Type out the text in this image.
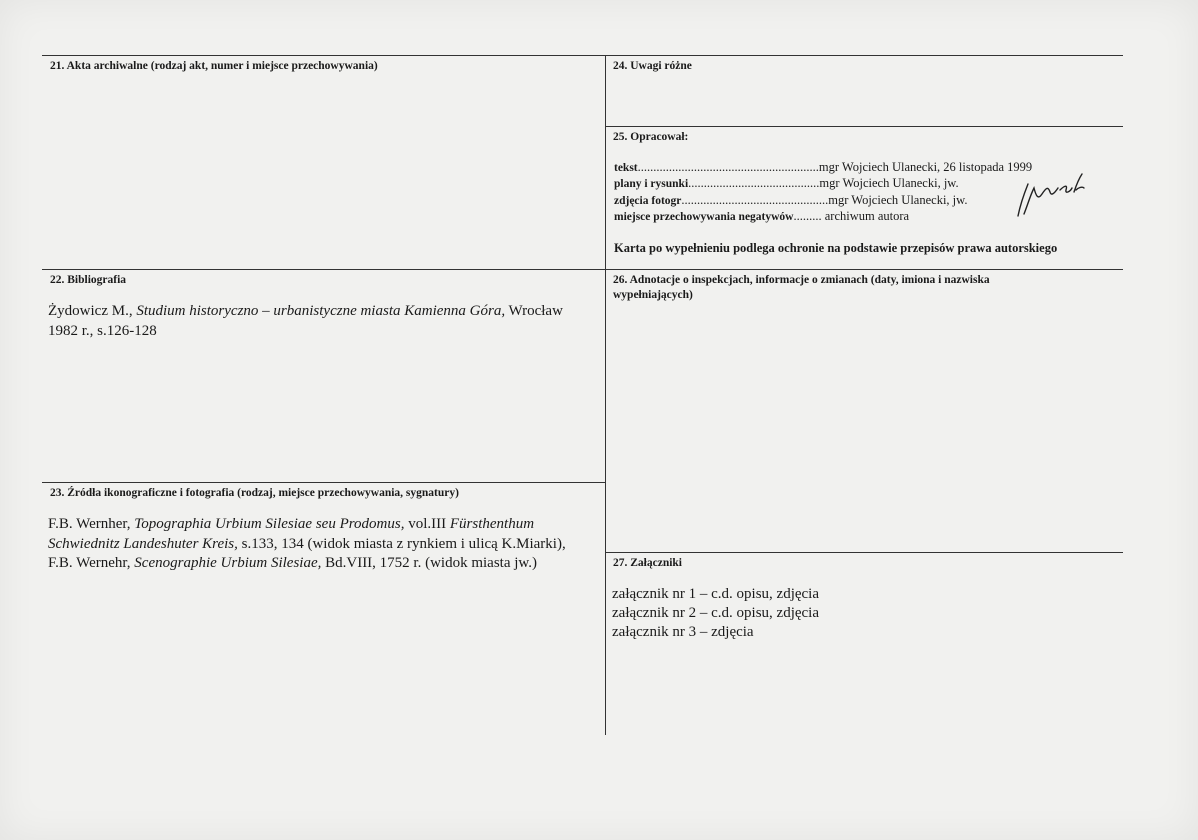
21. Akta archiwalne (rodzaj akt, numer i miejsce przechowywania)
22. Bibliografia
Żydowicz M., Studium historyczno – urbanistyczne miasta Kamienna Góra, Wrocław
1982 r., s.126-128
23. Źródła ikonograficzne i fotografia (rodzaj, miejsce przechowywania, sygnatury)
F.B. Wernher, Topographia Urbium Silesiae seu Prodomus, vol.III Fürsthenthum
Schwiednitz Landeshuter Kreis, s.133, 134 (widok miasta z rynkiem i ulicą K.Miarki),
F.B. Wernehr, Scenographie Urbium Silesiae, Bd.VIII, 1752 r. (widok miasta jw.)
24. Uwagi różne
25. Opracował:
tekst..........................................................mgr Wojciech Ulanecki, 26 listopada 1999
plany i rysunki..........................................mgr Wojciech Ulanecki, jw.
zdjęcia fotogr...............................................mgr Wojciech Ulanecki, jw.
miejsce przechowywania negatywów......... archiwum autora
Karta po wypełnieniu podlega ochronie na podstawie przepisów prawa autorskiego
26. Adnotacje o inspekcjach, informacje o zmianach (daty, imiona i nazwiska
wypełniających)
27. Załączniki
załącznik nr 1 – c.d. opisu, zdjęcia
załącznik nr 2 – c.d. opisu, zdjęcia
załącznik nr 3 – zdjęcia
